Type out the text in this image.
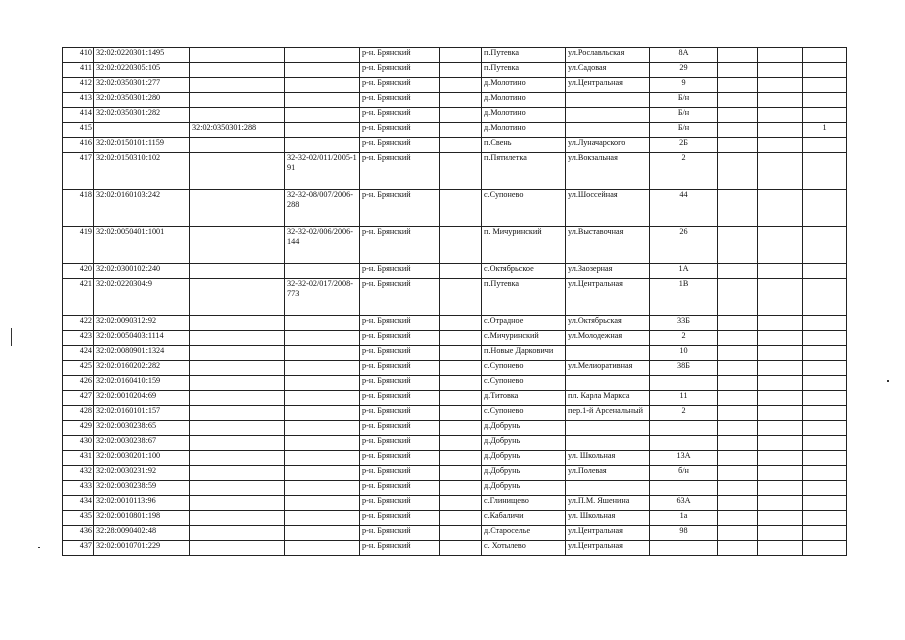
410	32:02:0220301:1495			р-н. Брянский		п.Путевка	ул.Рославльская	8А			
411	32:02:0220305:105			р-н. Брянский		п.Путевка	ул.Садовая	29			
412	32:02:0350301:277			р-н. Брянский		д.Молотино	ул.Центральная	9			
413	32:02:0350301:280			р-н. Брянский		д.Молотино		Б/н			
414	32:02:0350301:282			р-н. Брянский		д.Молотино		Б/н			
415		32:02:0350301:288		р-н. Брянский		д.Молотино		Б/н			1
416	32:02:0150101:1159			р-н. Брянский		п.Свень	ул.Луначарского	2Б			
417	32:02:0150310:102		32-32-02/011/2005-191	р-н. Брянский		п.Пятилетка	ул.Вокзальная	2			
418	32:02:0160103:242		32-32-08/007/2006-288	р-н. Брянский		с.Супонево	ул.Шоссейная	44			
419	32:02:0050401:1001		32-32-02/006/2006-144	р-н. Брянский		п. Мичуринский	ул.Выставочная	26			
420	32:02:0300102:240			р-н. Брянский		с.Октябрьское	ул.Заозерная	1А			
421	32:02:0220304:9		32-32-02/017/2008-773	р-н. Брянский		п.Путевка	ул.Центральная	1В			
422	32:02:0090312:92			р-н. Брянский		с.Отрадное	ул.Октябрьская	33Б			
423	32:02:0050403:1114			р-н. Брянский		с.Мичуринский	ул.Молодежная	2			
424	32:02:0080901:1324			р-н. Брянский		п.Новые Дарковичи		10			
425	32:02:0160202:282			р-н. Брянский		с.Супонево	ул.Мелиоративная	38Б			
426	32:02:0160410:159			р-н. Брянский		с.Супонево					
427	32:02:0010204:69			р-н. Брянский		д.Титовка	пл. Карла Маркса	11			
428	32:02:0160101:157			р-н. Брянский		с.Супонево	пер.1-й Арсенальный	2			
429	32:02:0030238:65			р-н. Брянский		д.Добрунь					
430	32:02:0030238:67			р-н. Брянский		д.Добрунь					
431	32:02:0030201:100			р-н. Брянский		д.Добрунь	ул. Школьная	13А			
432	32:02:0030231:92			р-н. Брянский		д.Добрунь	ул.Полевая	б/н			
433	32:02:0030238:59			р-н. Брянский		д.Добрунь					
434	32:02:0010113:96			р-н. Брянский		с.Глинищево	ул.П.М. Яшенина	63А			
435	32:02:0010801:198			р-н. Брянский		с.Кабаличи	ул. Школьная	1а			
436	32:28:0090402:48			р-н. Брянский		д.Староселье	ул.Центральная	98			
437	32:02:0010701:229			р-н. Брянский		с. Хотылево	ул.Центральная				
